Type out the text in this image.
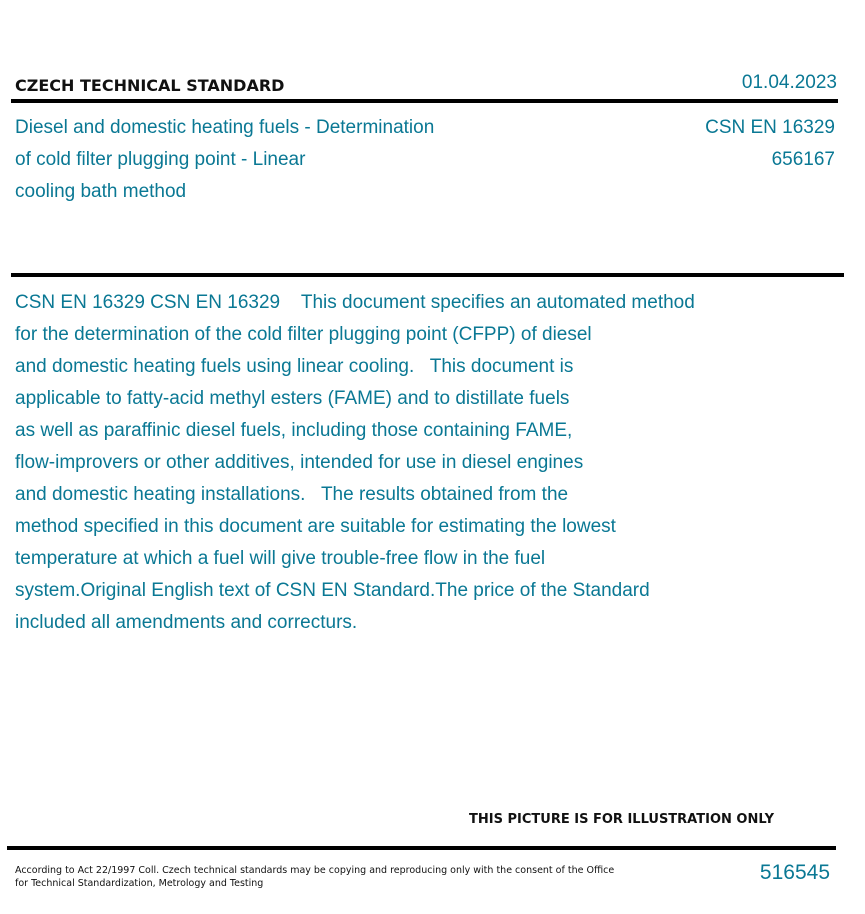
CZECH TECHNICAL STANDARD	01.04.2023
Diesel and domestic heating fuels - Determination
of cold filter plugging point - Linear
cooling bath method
CSN EN 16329
656167
CSN EN 16329 CSN EN 16329    This document specifies an automated method
for the determination of the cold filter plugging point (CFPP) of diesel
and domestic heating fuels using linear cooling.   This document is
applicable to fatty-acid methyl esters (FAME) and to distillate fuels
as well as paraffinic diesel fuels, including those containing FAME,
flow-improvers or other additives, intended for use in diesel engines
and domestic heating installations.   The results obtained from the
method specified in this document are suitable for estimating the lowest
temperature at which a fuel will give trouble-free flow in the fuel
system.Original English text of CSN EN Standard.The price of the Standard
included all amendments and correcturs.
THIS PICTURE IS FOR ILLUSTRATION ONLY
According to Act 22/1997 Coll. Czech technical standards may be copying and reproducing only with the consent of the Office
for Technical Standardization, Metrology and Testing	516545
